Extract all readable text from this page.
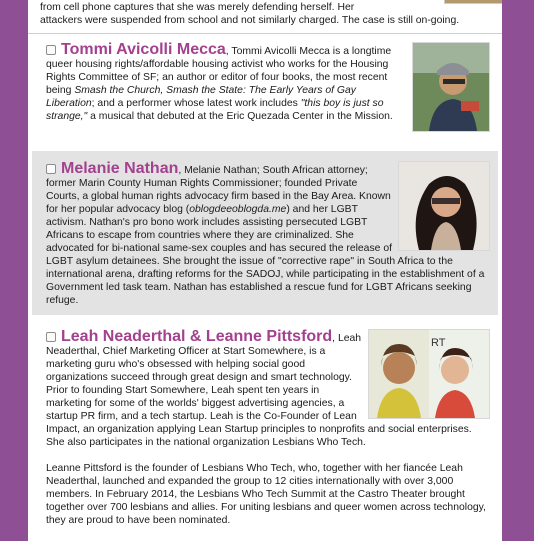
from cell phone captures that she was merely defending herself. Her

attackers were suspended from school and not similarly charged. The case is still on-going.

Tommi Avicolli Mecca, Tommi Avicolli Mecca is a longtime queer housing rights/affordable housing activist who works for the Housing Rights Committee of SF; an author or editor of four books, the most recent being Smash the Church, Smash the State: The Early Years of Gay Liberation; and a performer whose latest work includes "this boy is just so strange," a musical that debuted at the Eric Quezada Center in the Mission.

Melanie Nathan, Melanie Nathan; South African attorney; former Marin County Human Rights Commissioner; founded Private Courts, a global human rights advocacy firm based in the Bay Area. Known for her popular advocacy blog (oblogdeeoblogda.me) and her LGBT activism. Nathan's pro bono work includes assisting persecuted LGBT Africans to escape from countries where they are criminalized. She advocated for bi-national same-sex couples and has secured the release of LGBT asylum detainees. She brought the issue of "corrective rape" in South Africa to the international arena, drafting reforms for the SADOJ, while participating in the establishment of a Government led task team. Nathan has established a rescue fund for LGBT Africans seeking refuge.

RT

Leah Neaderthal & Leanne Pittsford, Leah Neaderthal, Chief Marketing Officer at Start Somewhere, is a marketing guru who's obsessed with helping social good organizations succeed through great design and smart technology. Prior to founding Start Somewhere, Leah spent ten years in marketing for some of the worlds' biggest advertising agencies, a startup PR firm, and a tech startup. Leah is the Co-Founder of Lean Impact, an organization applying Lean Startup principles to nonprofits and social enterprises. She also participates in the national organization Lesbians Who Tech.

Leanne Pittsford is the founder of Lesbians Who Tech, who, together with her fiancée Leah Neaderthal, launched and expanded the group to 12 cities internationally with over 3,000 members. In February 2014, the Lesbians Who Tech Summit at the Castro Theater brought together over 700 lesbians and allies. For uniting lesbians and queer women across technology, they are proud to have been nominated.
